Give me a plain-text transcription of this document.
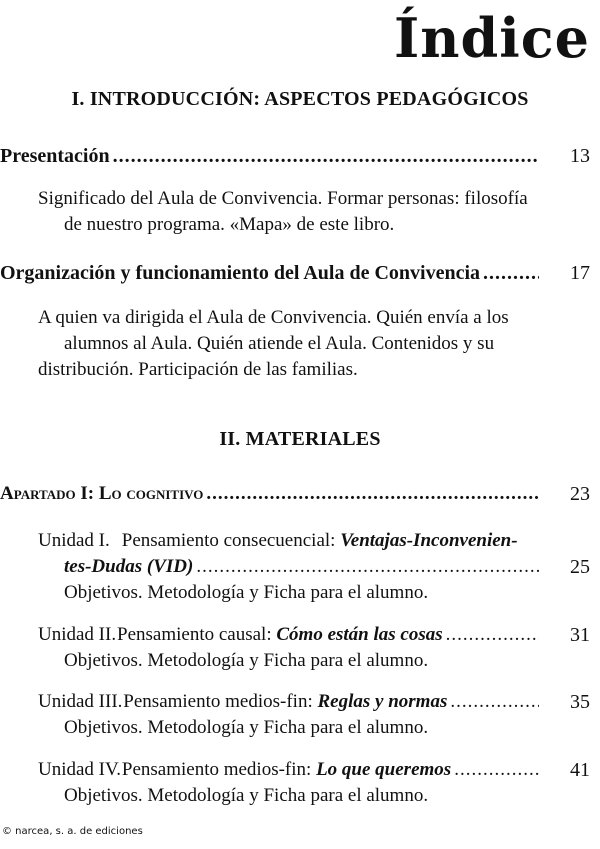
Índice
I. INTRODUCCIÓN: ASPECTOS PEDAGÓGICOS
Presentación .....	13
Significado del Aula de Convivencia. Formar personas: filosofía
de nuestro programa. «Mapa» de este libro.
Organización y funcionamiento del Aula de Convivencia .....	17
A quien va dirigida el Aula de Convivencia. Quién envía a los
alumnos al Aula. Quién atiende el Aula. Contenidos y su
distribución. Participación de las familias.
II. MATERIALES
Apartado I: Lo cognitivo .....	23
Unidad I. Pensamiento consecuencial: Ventajas-Inconvenien-
tes-Dudas (VID) .....	25
Objetivos. Metodología y Ficha para el alumno.
Unidad II. Pensamiento causal:
Cómo están las cosas .....	31
Objetivos. Metodología y Ficha para el alumno.
Unidad III. Pensamiento medios-fin:
Reglas y normas .....	35
Objetivos. Metodología y Ficha para el alumno.
Unidad IV. Pensamiento medios-fin:
Lo que queremos .....	41
Objetivos. Metodología y Ficha para el alumno.
© narcea, s. a. de ediciones
